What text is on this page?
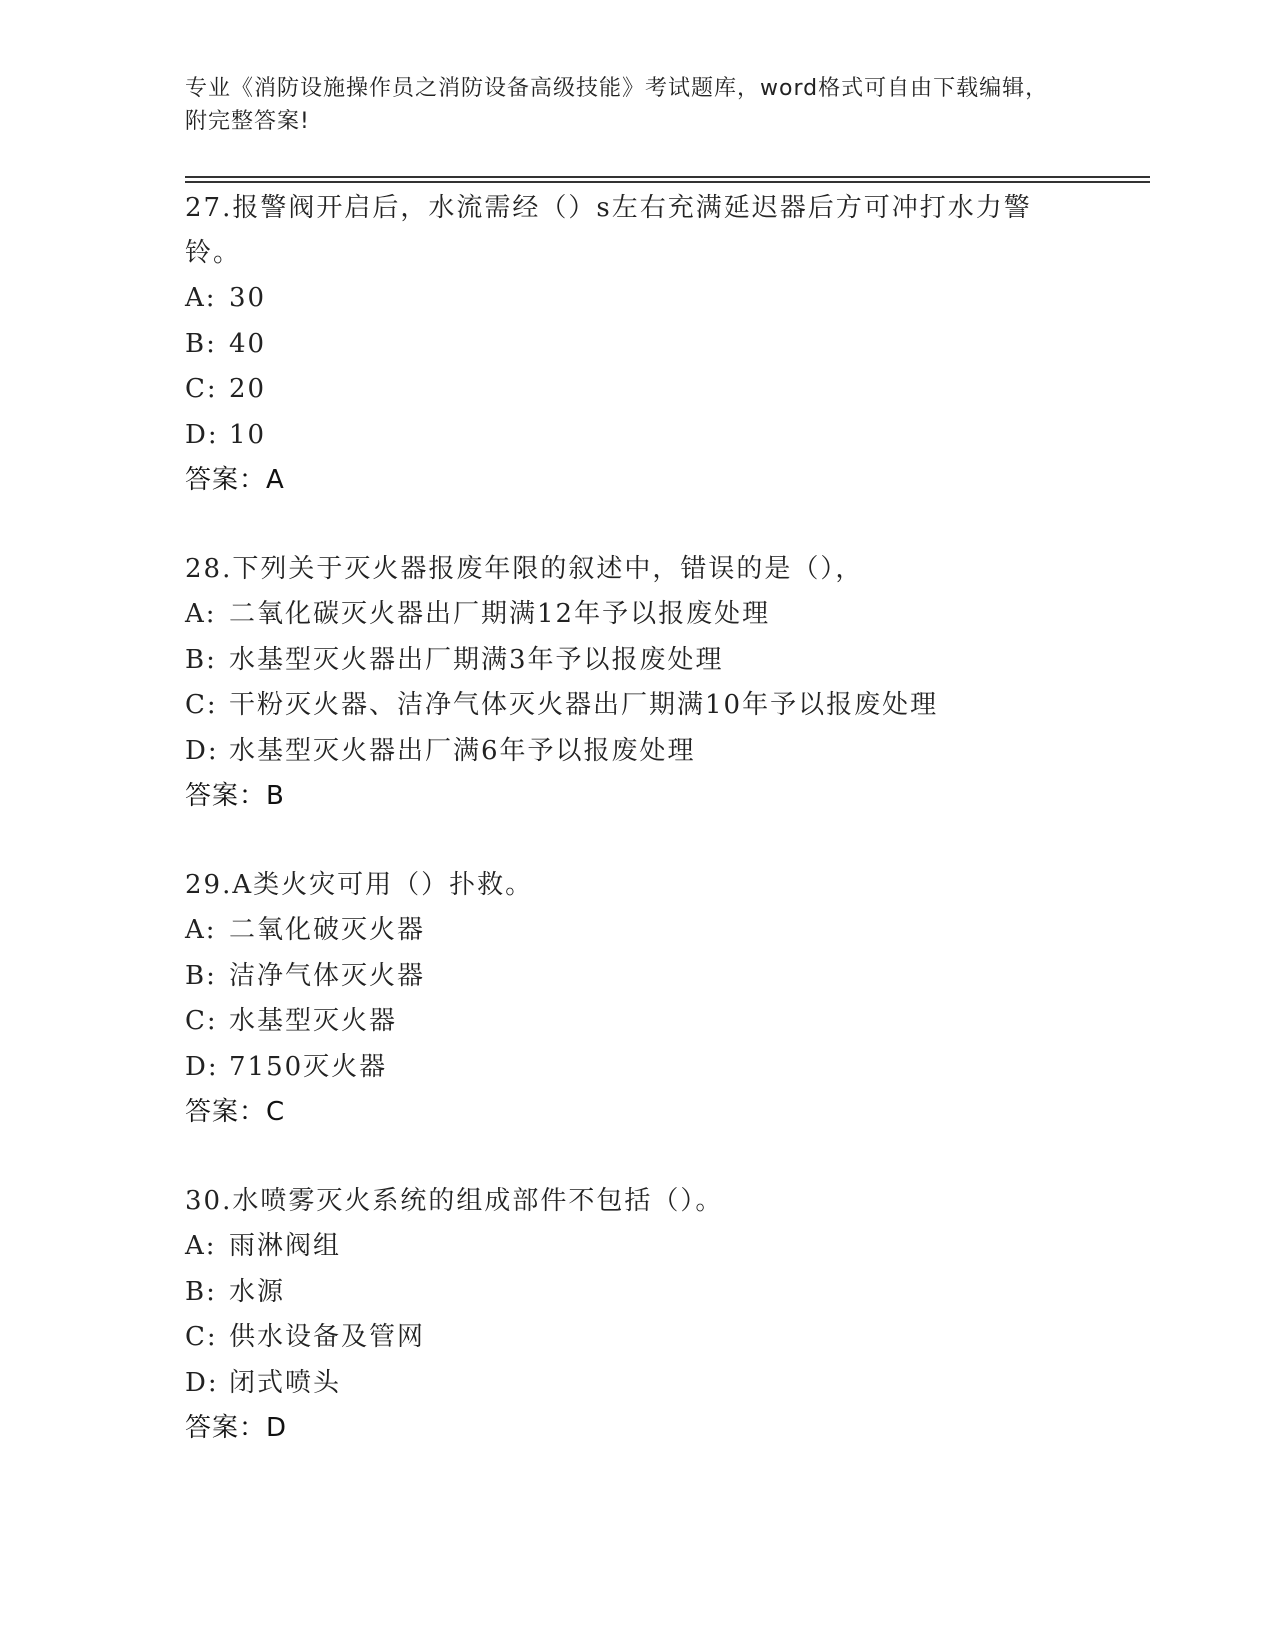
专业《消防设施操作员之消防设备高级技能》考试题库，word格式可自由下载编辑，附完整答案!

27.报警阀开启后，水流需经（）s左右充满延迟器后方可冲打水力警铃。

A: 30

B: 40

C: 20

D: 10

答案：A

28.下列关于灭火器报废年限的叙述中，错误的是（），

A: 二氧化碳灭火器出厂期满12年予以报废处理

B: 水基型灭火器出厂期满3年予以报废处理

C: 干粉灭火器、洁净气体灭火器出厂期满10年予以报废处理

D: 水基型灭火器出厂满6年予以报废处理

答案：B

29.A类火灾可用（）扑救。

A: 二氧化破灭火器

B: 洁净气体灭火器

C: 水基型灭火器

D: 7150灭火器

答案：C

30.水喷雾灭火系统的组成部件不包括（）。

A: 雨淋阀组

B: 水源

C: 供水设备及管网

D: 闭式喷头

答案：D
